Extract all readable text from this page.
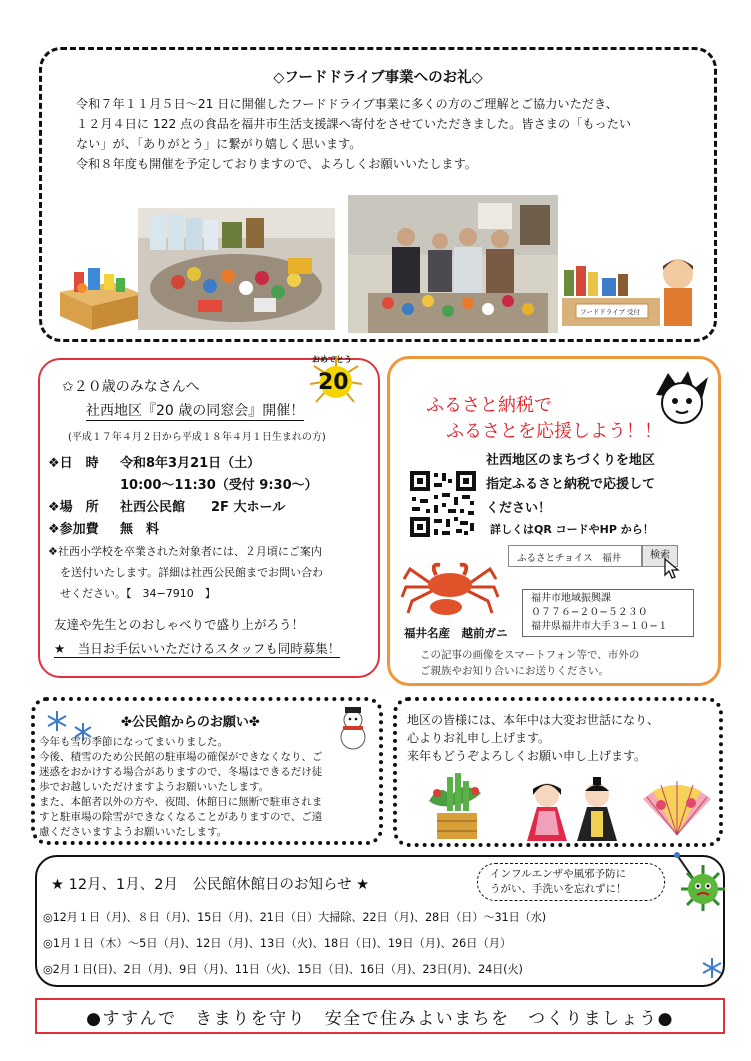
◇フードドライブ事業へのお礼◇
令和７年１１月５日～21 日に開催したフードドライブ事業に多くの方のご理解とご協力いただき、
１２月４日に 122 点の食品を福井市生活支援課へ寄付をさせていただきました。皆さまの「もったい
ない」が、「ありがとう」に繋がり嬉しく思います。
令和８年度も開催を予定しておりますので、よろしくお願いいたします。
フードドライブ 受付
おめでとう
20
✩２０歳のみなさんへ
社西地区『20 歳の同窓会』開催！
(平成１７年４月２日から平成１８年４月１日生まれの方)
❖日　時 令和8年3月21日（土）
10:00～11:30（受付 9:30～）
❖場　所 社西公民館　　2F 大ホール
❖参加費 無　料
❖社西小学校を卒業された対象者には、２月頃にご案内
を送付いたします。詳細は社西公民館までお問い合わ
せください。【　34−7910　】
友達や先生とのおしゃべりで盛り上がろう！
★　当日お手伝いいただけるスタッフも同時募集！
ふるさと納税で
ふるさとを応援しよう！！
社西地区のまちづくりを地区
指定ふるさと納税で応援して
ください！
詳しくはQR コードやHP から！
ふるさとチョイス　福井	検索
福井名産　越前ガニ
福井市地域振興課
０７７６−２０−５２３０
福井県福井市大手３−１０−１
この記事の画像をスマートフォン等で、市外の
ご親族やお知り合いにお送りください。
✤公民館からのお願い✤
今年も雪の季節になってまいりました。
今後、積雪のため公民館の駐車場の確保ができなくなり、ご
迷惑をおかけする場合がありますので、冬場はできるだけ徒
歩でお越しいただけますようお願いいたします。
また、本館者以外の方や、夜間、休館日に無断で駐車されま
すと駐車場の除雪ができなくなることがありますので、ご遠
慮くださいますようお願いいたします。
地区の皆様には、本年中は大変お世話になり、
心よりお礼申し上げます。
来年もどうぞよろしくお願い申し上げます。
★ 12月、1月、2月　公民館休館日のお知らせ ★
インフルエンザや風邪予防に
うがい、手洗いを忘れずに！
◎12月１日（月)、８日（月)、15日（月)、21日（日）大掃除、22日（月)、28日（日）～31日（水)
◎1月１日（木）～5日（月)、12日（月)、13日（火)、18日（日)、19日（月)、26日（月）
◎2月１日(日)、2日（月)、9日（月)、11日（火)、15日（日)、16日（月)、23日(月)、24日(火)
●すすんで　きまりを守り　安全で住みよいまちを　つくりましょう●
